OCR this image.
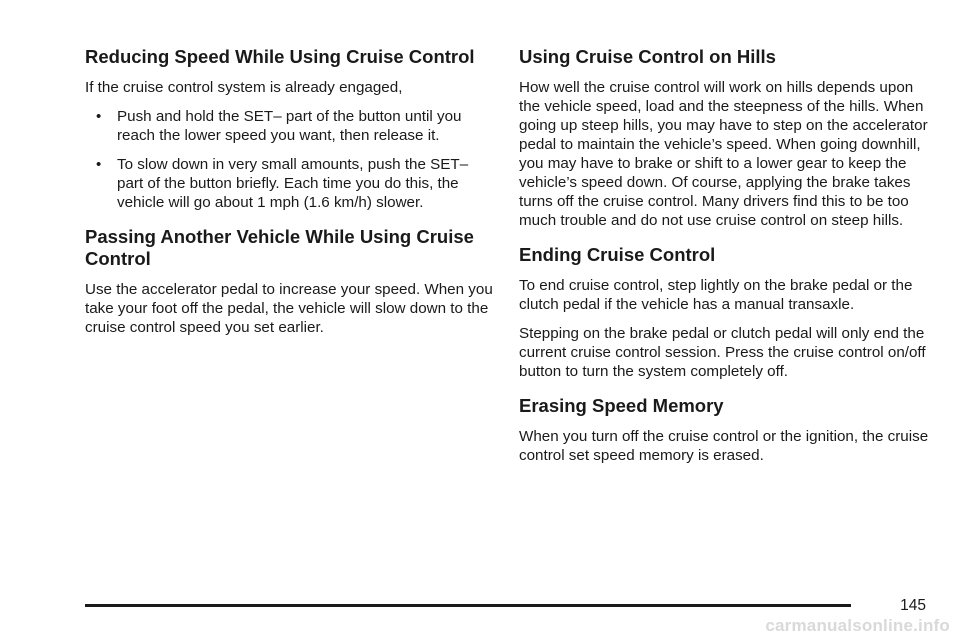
Reducing Speed While Using Cruise Control

If the cruise control system is already engaged,

• Push and hold the SET– part of the button until you reach the lower speed you want, then release it.
• To slow down in very small amounts, push the SET– part of the button briefly. Each time you do this, the vehicle will go about 1 mph (1.6 km/h) slower.
Passing Another Vehicle While Using Cruise Control

Use the accelerator pedal to increase your speed. When you take your foot off the pedal, the vehicle will slow down to the cruise control speed you set earlier.

Using Cruise Control on Hills

How well the cruise control will work on hills depends upon the vehicle speed, load and the steepness of the hills. When going up steep hills, you may have to step on the accelerator pedal to maintain the vehicle’s speed. When going downhill, you may have to brake or shift to a lower gear to keep the vehicle’s speed down. Of course, applying the brake takes turns off the cruise control. Many drivers find this to be too much trouble and do not use cruise control on steep hills.

Ending Cruise Control

To end cruise control, step lightly on the brake pedal or the clutch pedal if the vehicle has a manual transaxle.

Stepping on the brake pedal or clutch pedal will only end the current cruise control session. Press the cruise control on/off button to turn the system completely off.

Erasing Speed Memory

When you turn off the cruise control or the ignition, the cruise control set speed memory is erased.

145
carmanualsonline.info
